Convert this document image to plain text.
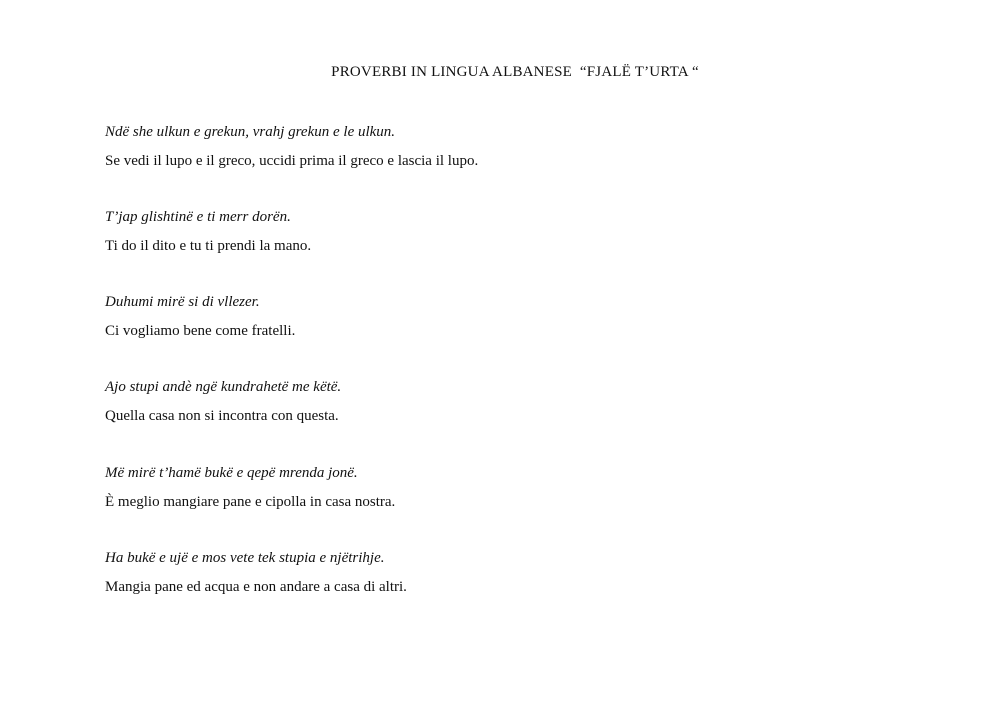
PROVERBI IN LINGUA ALBANESE  “FJALË T’URTA “
Ndë she ulkun e grekun, vrahj grekun e le ulkun.
Se vedi il lupo e il greco, uccidi prima il greco e lascia il lupo.
T’jap glishtinë e ti merr dorën.
Ti do il dito e tu ti prendi la mano.
Duhumi mirë si di vllezer.
Ci vogliamo bene come fratelli.
Ajo stupi andè ngë kundrahetë me këtë.
Quella casa non si incontra con questa.
Më mirë t’hamë bukë e qepë mrenda jonë.
È meglio mangiare pane e cipolla in casa nostra.
Ha bukë e ujë e mos vete tek stupia e njëtrihje.
Mangia pane ed acqua e non andare a casa di altri.
